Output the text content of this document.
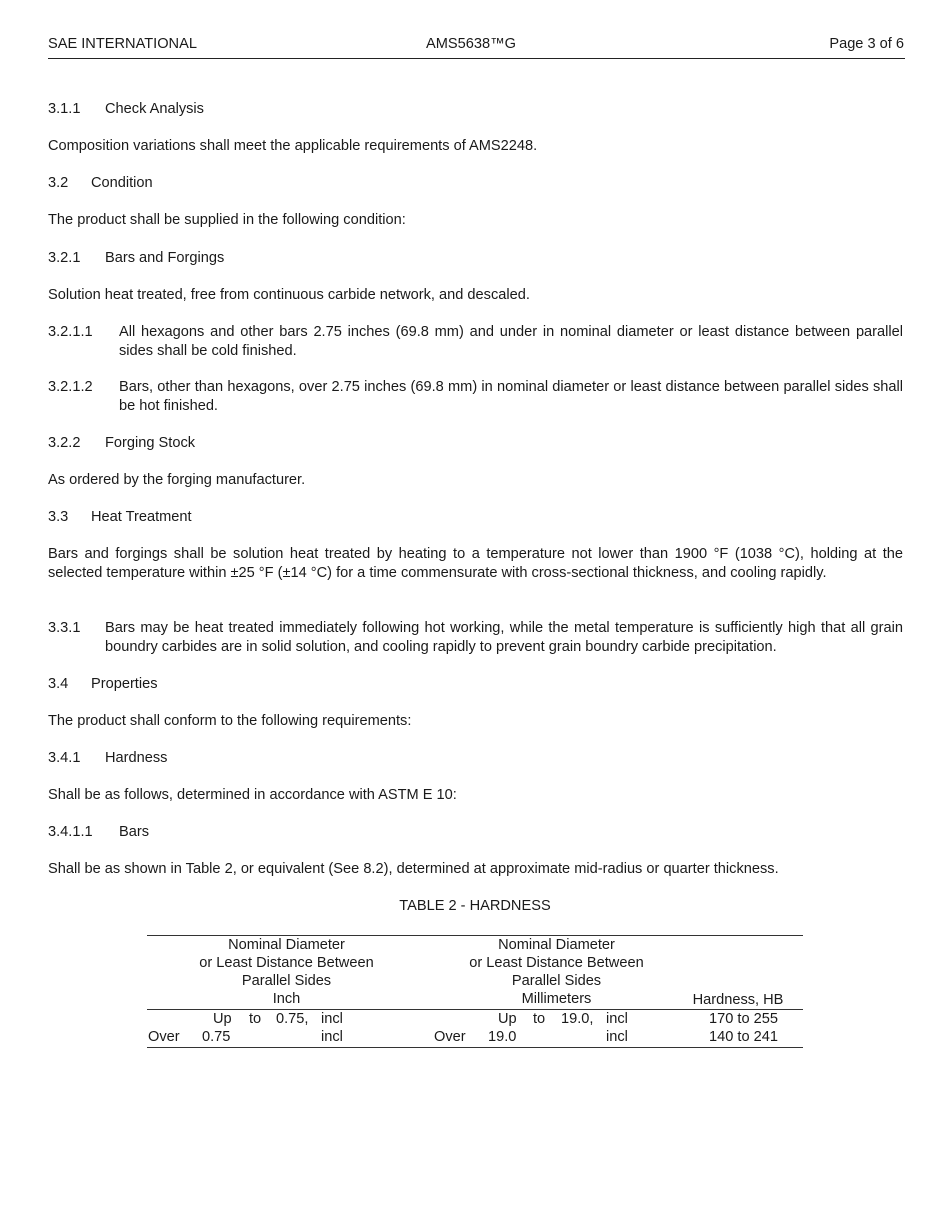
SAE INTERNATIONAL	AMS5638™G	Page 3 of 6
3.1.1 Check Analysis
Composition variations shall meet the applicable requirements of AMS2248.
3.2 Condition
The product shall be supplied in the following condition:
3.2.1 Bars and Forgings
Solution heat treated, free from continuous carbide network, and descaled.
3.2.1.1 All hexagons and other bars 2.75 inches (69.8 mm) and under in nominal diameter or least distance between parallel sides shall be cold finished.
3.2.1.2 Bars, other than hexagons, over 2.75 inches (69.8 mm) in nominal diameter or least distance between parallel sides shall be hot finished.
3.2.2 Forging Stock
As ordered by the forging manufacturer.
3.3 Heat Treatment
Bars and forgings shall be solution heat treated by heating to a temperature not lower than 1900 °F (1038 °C), holding at the selected temperature within ±25 °F (±14 °C) for a time commensurate with cross-sectional thickness, and cooling rapidly.
3.3.1 Bars may be heat treated immediately following hot working, while the metal temperature is sufficiently high that all grain boundry carbides are in solid solution, and cooling rapidly to prevent grain boundry carbide precipitation.
3.4 Properties
The product shall conform to the following requirements:
3.4.1 Hardness
Shall be as follows, determined in accordance with ASTM E 10:
3.4.1.1 Bars
Shall be as shown in Table 2, or equivalent (See 8.2), determined at approximate mid-radius or quarter thickness.
TABLE 2 - HARDNESS
Nominal Diameter
or Least Distance Between
Parallel Sides
Inch
Nominal Diameter
or Least Distance Between
Parallel Sides
Millimeters	Hardness, HB
Up to 0.75, incl	Up to 19.0, incl	170 to 255
Over 0.75	incl	Over 19.0	incl	140 to 241
